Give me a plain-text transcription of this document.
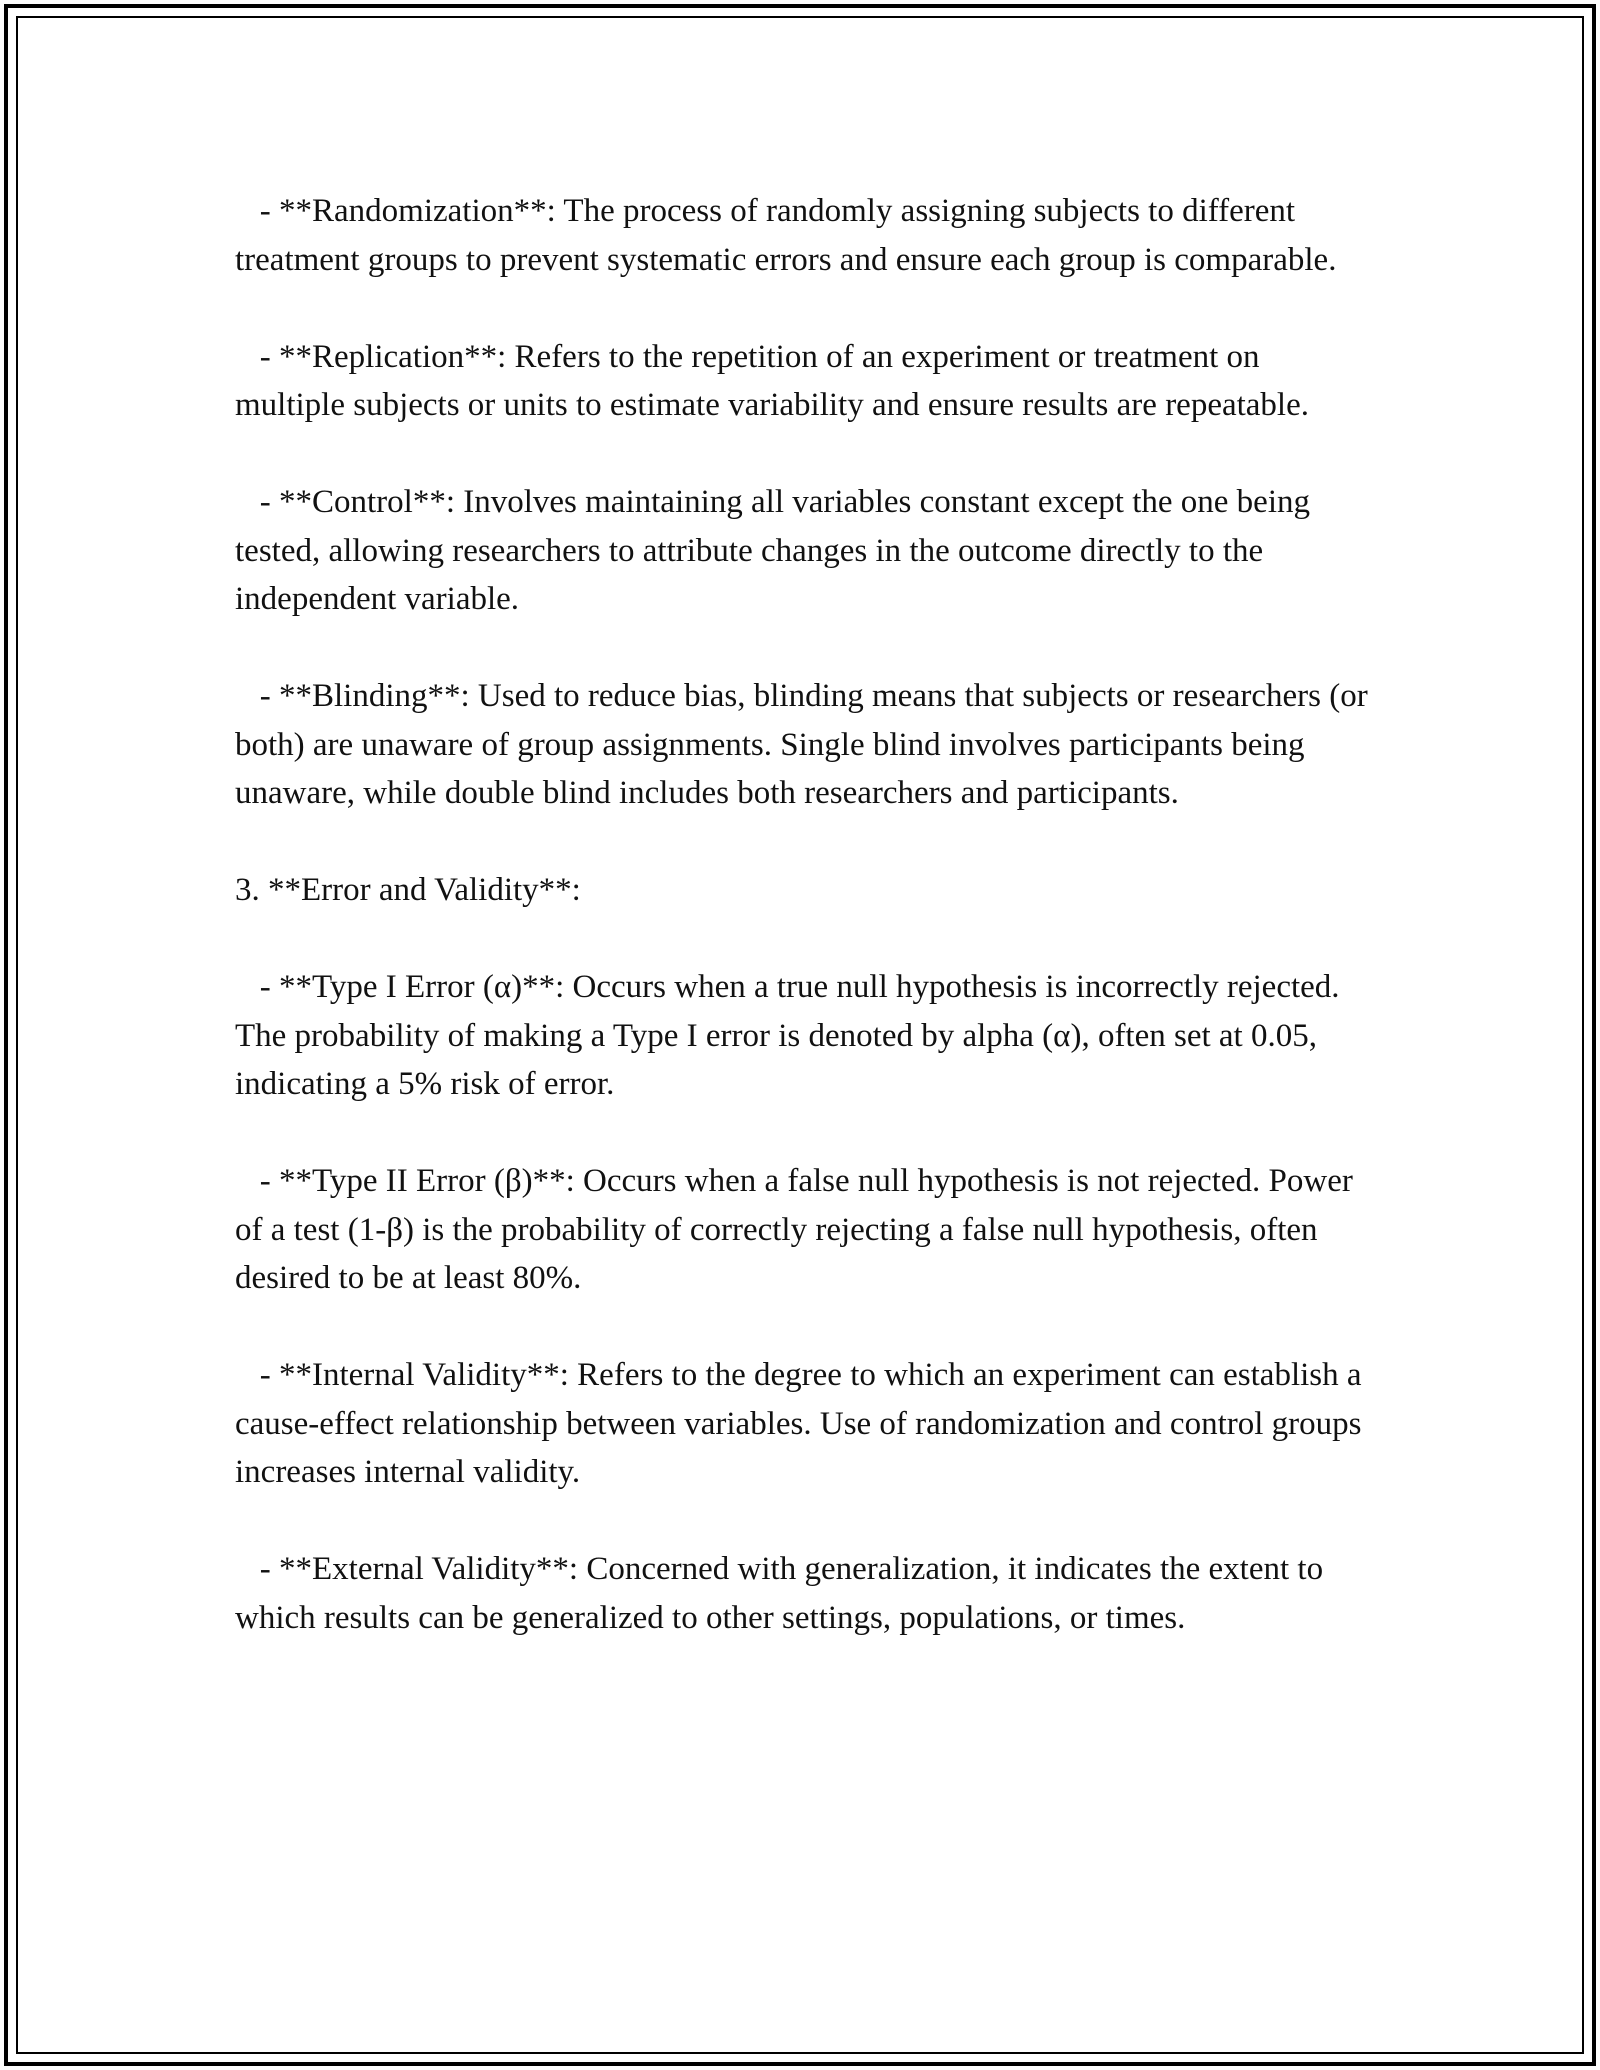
- **Randomization**: The process of randomly assigning subjects to different treatment groups to prevent systematic errors and ensure each group is comparable.

- **Replication**: Refers to the repetition of an experiment or treatment on multiple subjects or units to estimate variability and ensure results are repeatable.

- **Control**: Involves maintaining all variables constant except the one being tested, allowing researchers to attribute changes in the outcome directly to the independent variable.

- **Blinding**: Used to reduce bias, blinding means that subjects or researchers (or both) are unaware of group assignments. Single blind involves participants being unaware, while double blind includes both researchers and participants.

3. **Error and Validity**:

- **Type I Error (α)**: Occurs when a true null hypothesis is incorrectly rejected. The probability of making a Type I error is denoted by alpha (α), often set at 0.05, indicating a 5% risk of error.

- **Type II Error (β)**: Occurs when a false null hypothesis is not rejected. Power of a test (1-β) is the probability of correctly rejecting a false null hypothesis, often desired to be at least 80%.

- **Internal Validity**: Refers to the degree to which an experiment can establish a cause-effect relationship between variables. Use of randomization and control groups increases internal validity.

- **External Validity**: Concerned with generalization, it indicates the extent to which results can be generalized to other settings, populations, or times.
